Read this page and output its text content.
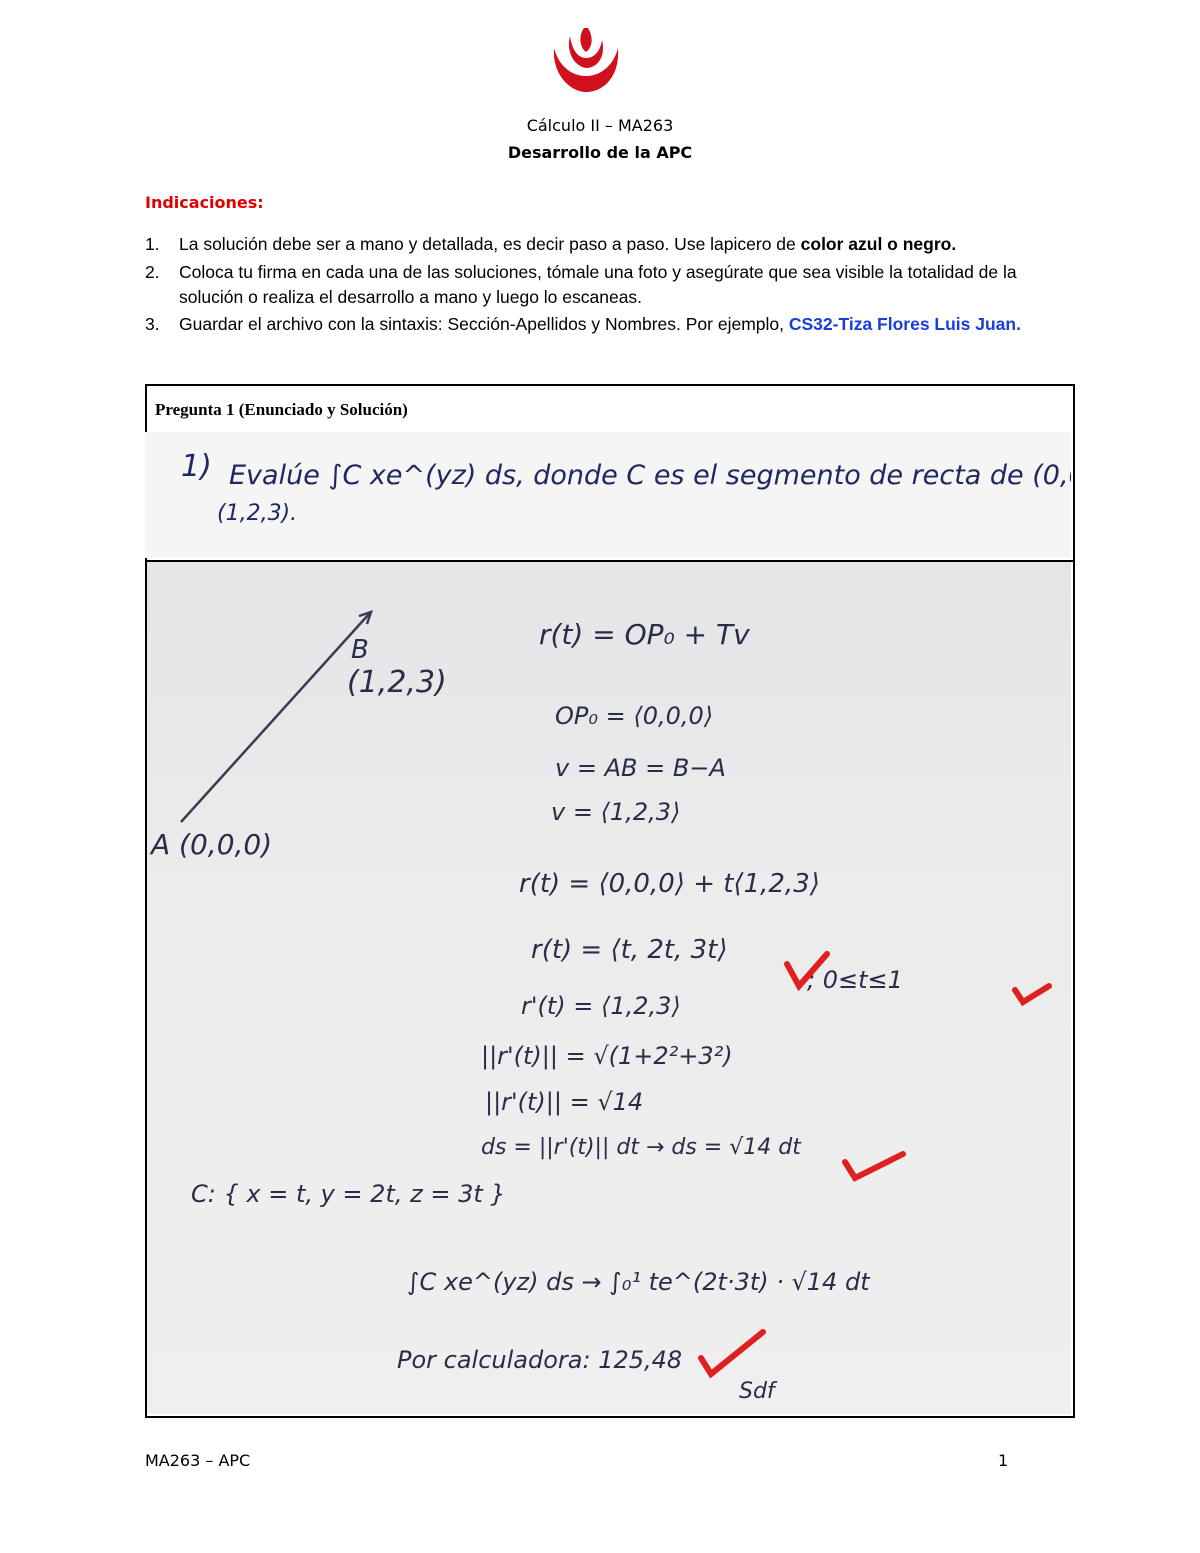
Cálculo II – MA263
Desarrollo de la APC
Indicaciones:
1.	La solución debe ser a mano y detallada, es decir paso a paso. Use lapicero de color azul o negro.
2.	Coloca tu firma en cada una de las soluciones, tómale una foto y asegúrate que sea visible la totalidad de la solución o realiza el desarrollo a mano y luego lo escaneas.
3.	Guardar el archivo con la sintaxis: Sección-Apellidos y Nombres. Por ejemplo, CS32-Tiza Flores Luis Juan.
Pregunta 1 (Enunciado y Solución)
1) Evalúe ∫C xe^(yz) ds, donde C es el segmento de recta de (0,0,0) a
(1,2,3).
B
(1,2,3)
A (0,0,0)
r(t) = OP₀ + Tv
OP₀ = ⟨0,0,0⟩
v = AB = B−A
v = ⟨1,2,3⟩
r(t) = ⟨0,0,0⟩ + t⟨1,2,3⟩
r(t) = ⟨t, 2t, 3t⟩
; 0≤t≤1
r'(t) = ⟨1,2,3⟩
||r'(t)|| = √(1+2²+3²)
||r'(t)|| = √14
ds = ||r'(t)|| dt → ds = √14 dt
C: { x = t, y = 2t, z = 3t }
∫C xe^(yz) ds → ∫₀¹ te^(2t·3t) · √14 dt
Por calculadora: 125,48
Sdf
MA263 – APC	1
